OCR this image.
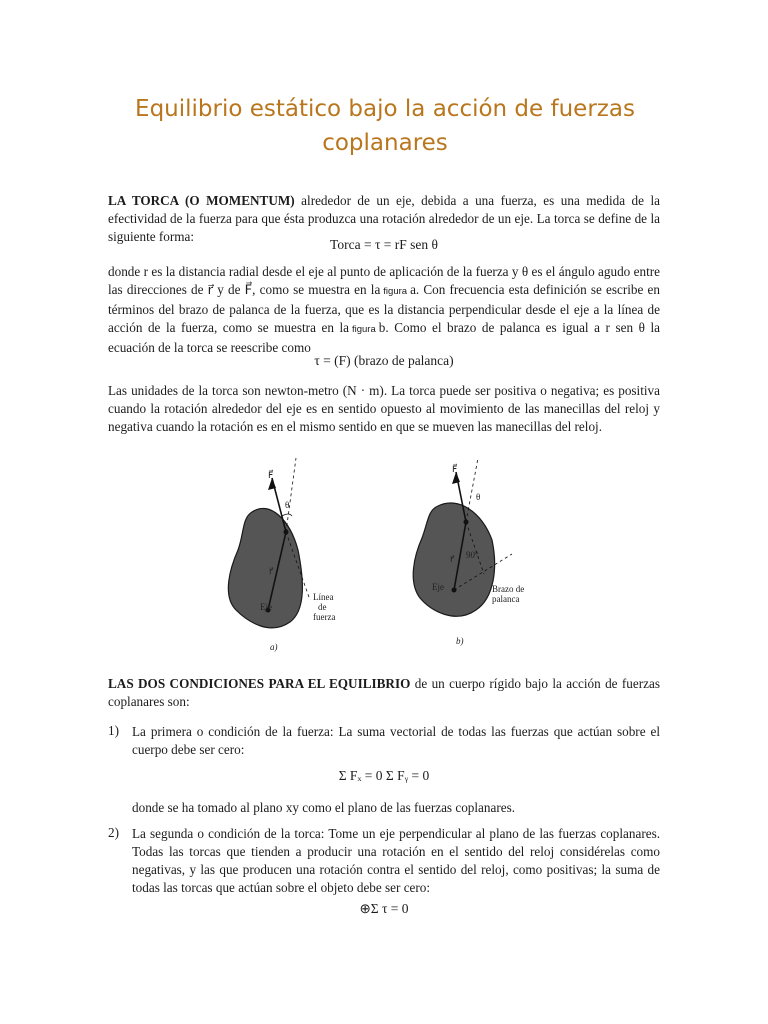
Equilibrio estático bajo la acción de fuerzas coplanares

LA TORCA (O MOMENTUM) alrededor de un eje, debida a una fuerza, es una medida de la efectividad de la fuerza para que ésta produzca una rotación alrededor de un eje. La torca se define de la siguiente forma:

Torca = τ = rF sen θ

donde r es la distancia radial desde el eje al punto de aplicación de la fuerza y θ es el ángulo agudo entre las direcciones de r⃗ y de F⃗, como se muestra en la figura a. Con frecuencia esta definición se escribe en términos del brazo de palanca de la fuerza, que es la distancia perpendicular desde el eje a la línea de acción de la fuerza, como se muestra en la figura b. Como el brazo de palanca es igual a r sen θ la ecuación de la torca se reescribe como

τ = (F) (brazo de palanca)

Las unidades de la torca son newton-metro (N · m). La torca puede ser positiva o negativa; es positiva cuando la rotación alrededor del eje es en sentido opuesto al movimiento de las manecillas del reloj y negativa cuando la rotación es en el mismo sentido en que se mueven las manecillas del reloj.

LAS DOS CONDICIONES PARA EL EQUILIBRIO de un cuerpo rígido bajo la acción de fuerzas coplanares son:

1) La primera o condición de la fuerza: La suma vectorial de todas las fuerzas que actúan sobre el cuerpo debe ser cero:

Σ Fₓ = 0 Σ Fᵧ = 0

donde se ha tomado al plano xy como el plano de las fuerzas coplanares.

2) La segunda o condición de la torca: Tome un eje perpendicular al plano de las fuerzas coplanares. Todas las torcas que tienden a producir una rotación en el sentido del reloj considérelas como negativas, y las que producen una rotación contra el sentido del reloj, como positivas; la suma de todas las torcas que actúan sobre el objeto debe ser cero:

⊕Σ τ = 0
F⃗
θ
r⃗
Eje
Línea
de
fuerza
a)
F⃗
θ
r⃗ 90°
Eje	Brazo de
palanca
b)
